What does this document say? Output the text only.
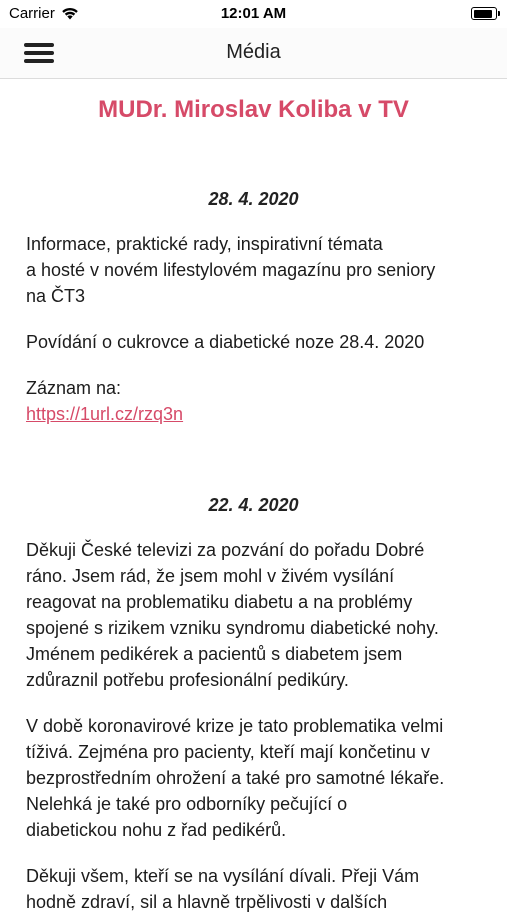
Carrier	12:01 AM
Média
MUDr. Miroslav Koliba v TV
28. 4. 2020
Informace, praktické rady, inspirativní témata
a hosté v novém lifestylovém magazínu pro seniory
na ČT3
Povídání o cukrovce a diabetické noze 28.4. 2020
Záznam na:
https://1url.cz/rzq3n
22. 4. 2020
Děkuji České televizi za pozvání do pořadu Dobré
ráno. Jsem rád, že jsem mohl v živém vysílání
reagovat na problematiku diabetu a na problémy
spojené s rizikem vzniku syndromu diabetické nohy.
Jménem pedikérek a pacientů s diabetem jsem
zdůraznil potřebu profesionální pedikúry.
V době koronavirové krize je tato problematika velmi
tíživá. Zejména pro pacienty, kteří mají končetinu v
bezprostředním ohrožení a také pro samotné lékaře.
Nelehká je také pro odborníky pečující o
diabetickou nohu z řad pedikérů.
Děkuji všem, kteří se na vysílání dívali. Přeji Vám
hodně zdraví, sil a hlavně trpělivosti v dalších
